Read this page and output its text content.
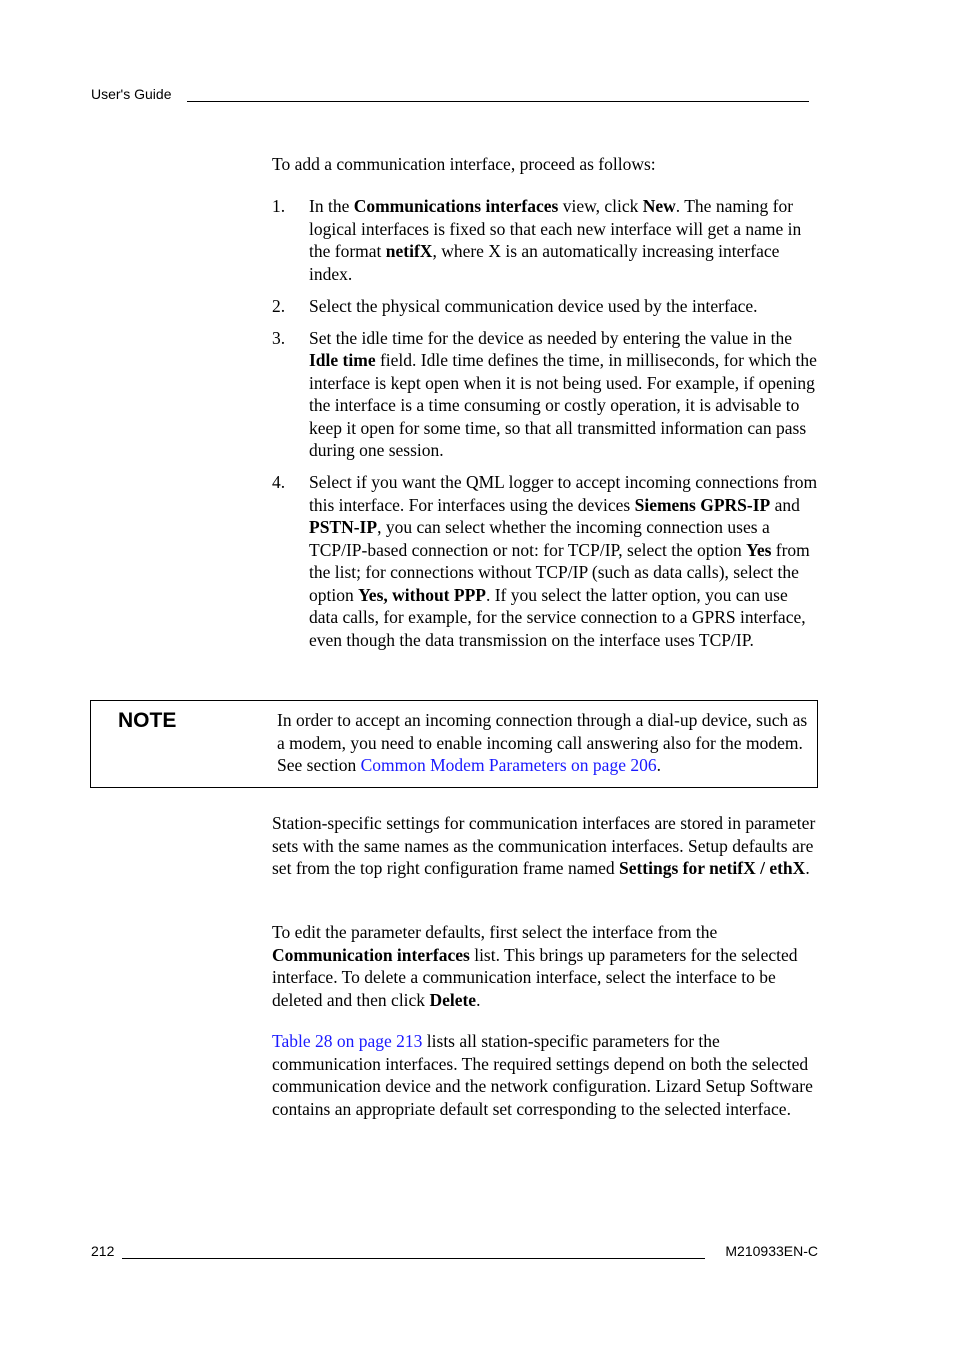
User's Guide

To add a communication interface, proceed as follows:

1. In the Communications interfaces view, click New. The naming for logical interfaces is fixed so that each new interface will get a name in the format netifX, where X is an automatically increasing interface index.
2. Select the physical communication device used by the interface.
3. Set the idle time for the device as needed by entering the value in the Idle time field. Idle time defines the time, in milliseconds, for which the interface is kept open when it is not being used. For example, if opening the interface is a time consuming or costly operation, it is advisable to keep it open for some time, so that all transmitted information can pass during one session.
4. Select if you want the QML logger to accept incoming connections from this interface. For interfaces using the devices Siemens GPRS-IP and PSTN-IP, you can select whether the incoming connection uses a TCP/IP-based connection or not: for TCP/IP, select the option Yes from the list; for connections without TCP/IP (such as data calls), select the option Yes, without PPP. If you select the latter option, you can use data calls, for example, for the service connection to a GPRS interface, even though the data transmission on the interface uses TCP/IP.
NOTE	In order to accept an incoming connection through a dial-up device, such as a modem, you need to enable incoming call answering also for the modem. See section Common Modem Parameters on page 206.

Station-specific settings for communication interfaces are stored in parameter sets with the same names as the communication interfaces. Setup defaults are set from the top right configuration frame named Settings for netifX / ethX.

To edit the parameter defaults, first select the interface from the Communication interfaces list. This brings up parameters for the selected interface. To delete a communication interface, select the interface to be deleted and then click Delete.

Table 28 on page 213 lists all station-specific parameters for the communication interfaces. The required settings depend on both the selected communication device and the network configuration. Lizard Setup Software contains an appropriate default set corresponding to the selected interface.

212	M210933EN-C
